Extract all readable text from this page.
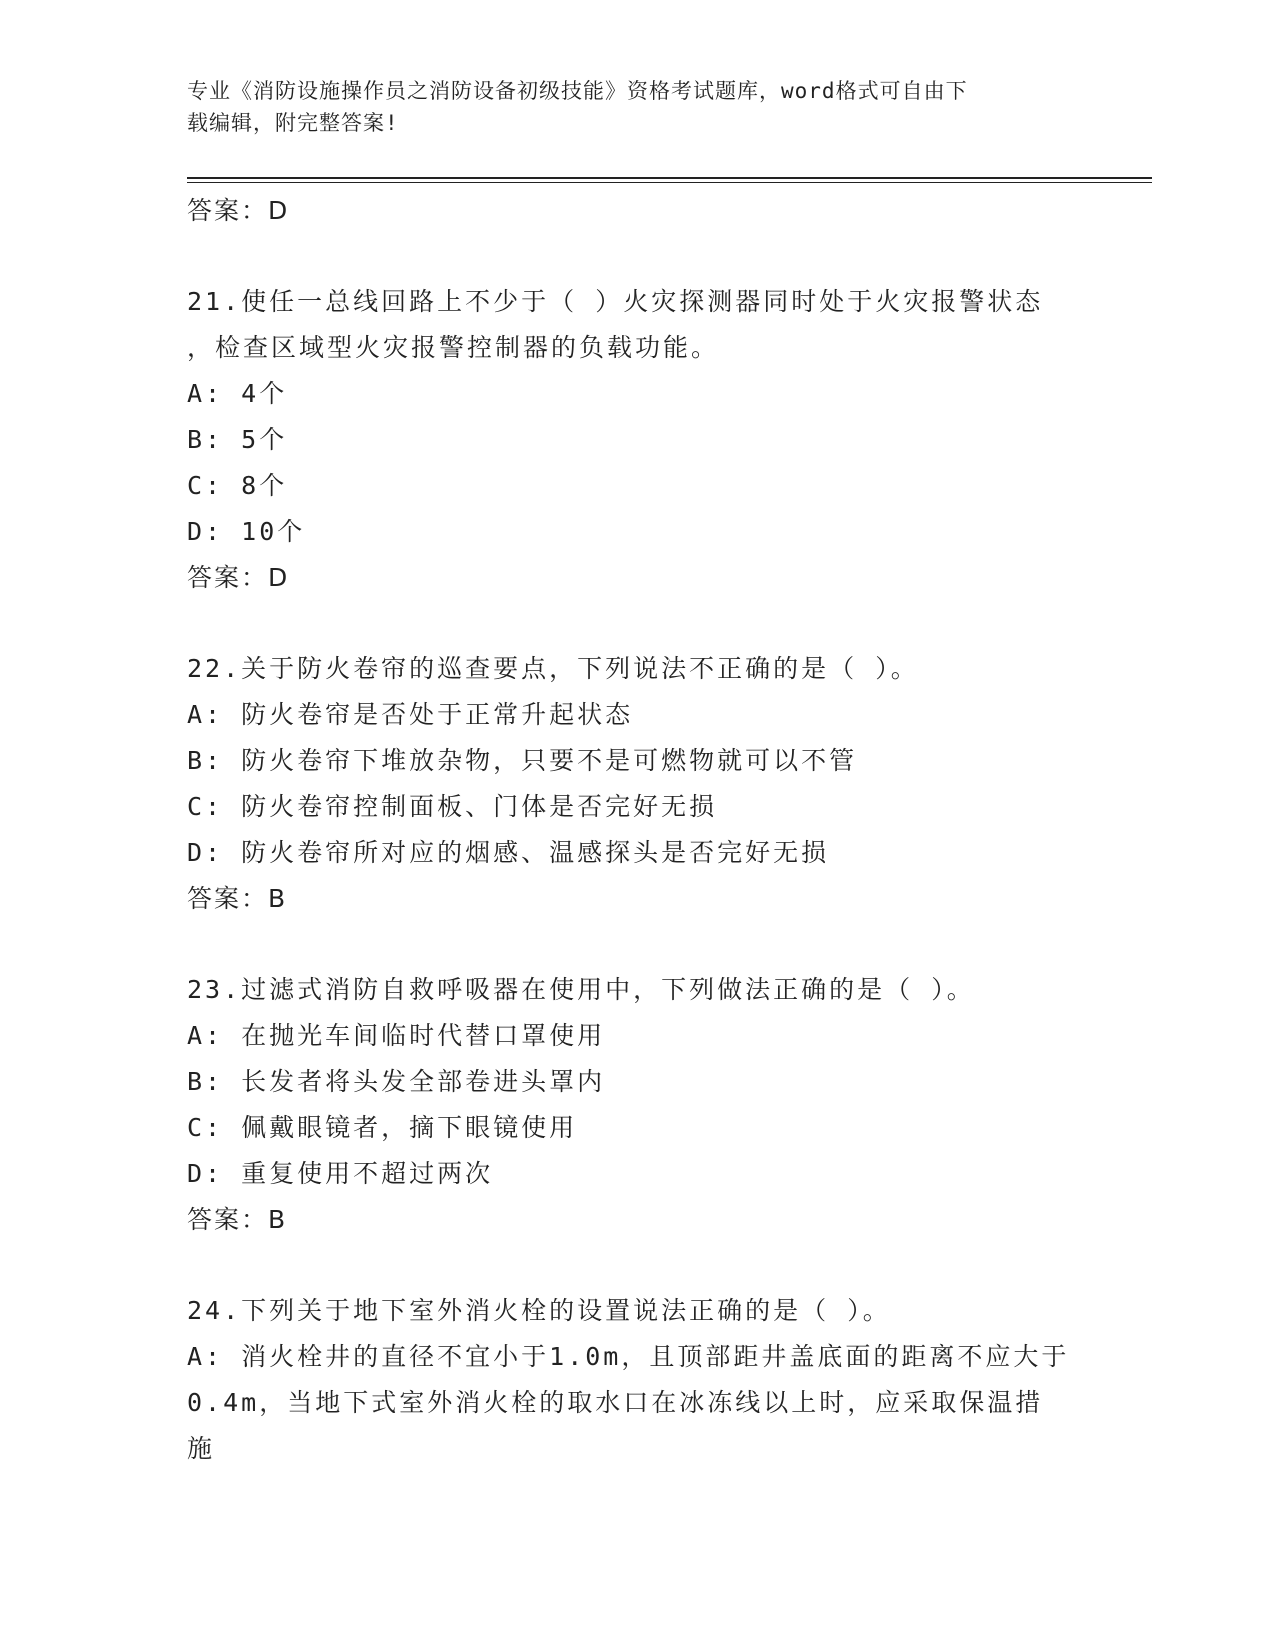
专业《消防设施操作员之消防设备初级技能》资格考试题库，word格式可自由下
载编辑，附完整答案!
答案：D
21.使任一总线回路上不少于（ ）火灾探测器同时处于火灾报警状态
，检查区域型火灾报警控制器的负载功能。
A: 4个
B: 5个
C: 8个
D: 10个
答案：D
22.关于防火卷帘的巡查要点，下列说法不正确的是（ ）。
A: 防火卷帘是否处于正常升起状态
B: 防火卷帘下堆放杂物，只要不是可燃物就可以不管
C: 防火卷帘控制面板、门体是否完好无损
D: 防火卷帘所对应的烟感、温感探头是否完好无损
答案：B
23.过滤式消防自救呼吸器在使用中，下列做法正确的是（ ）。
A: 在抛光车间临时代替口罩使用
B: 长发者将头发全部卷进头罩内
C: 佩戴眼镜者，摘下眼镜使用
D: 重复使用不超过两次
答案：B
24.下列关于地下室外消火栓的设置说法正确的是（ ）。
A: 消火栓井的直径不宜小于1.0m，且顶部距井盖底面的距离不应大于
0.4m，当地下式室外消火栓的取水口在冰冻线以上时，应采取保温措
施
